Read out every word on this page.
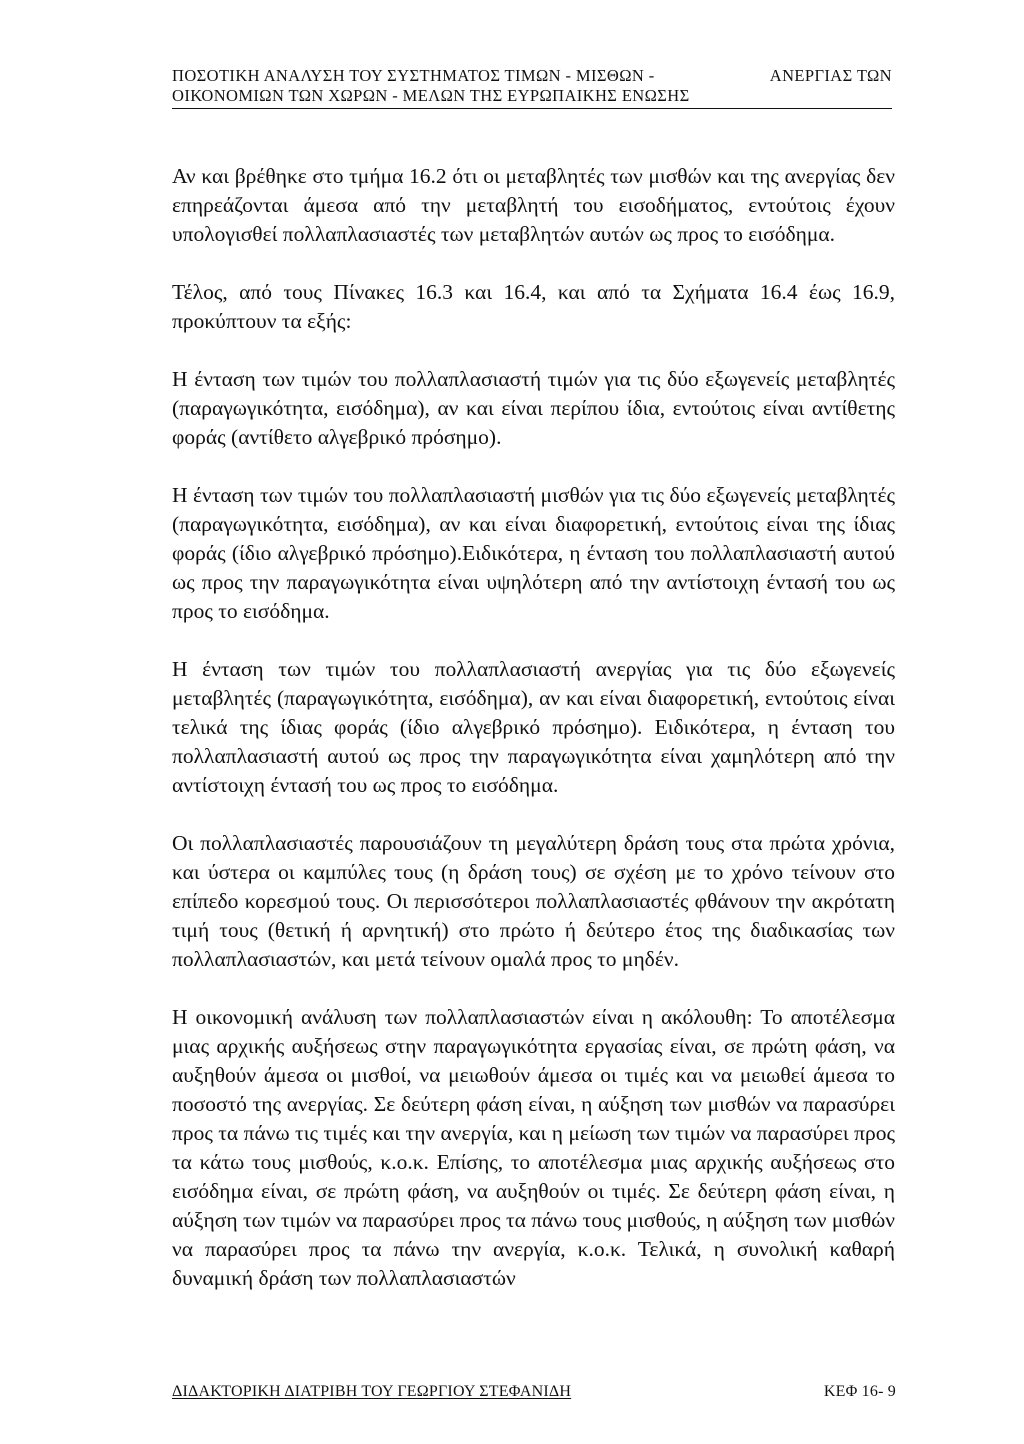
ΠΟΣΟΤΙΚΗ ΑΝΑΛΥΣΗ ΤΟΥ ΣΥΣΤΗΜΑΤΟΣ ΤΙΜΩΝ - ΜΙΣΘΩΝ -	ΑΝΕΡΓΙΑΣ ΤΩΝ
ΟΙΚΟΝΟΜΙΩΝ ΤΩΝ ΧΩΡΩΝ - ΜΕΛΩΝ ΤΗΣ ΕΥΡΩΠΑΙΚΗΣ ΕΝΩΣΗΣ

Αν και βρέθηκε στο τμήμα 16.2 ότι οι μεταβλητές των μισθών και της ανεργίας δεν επηρεάζονται άμεσα από την μεταβλητή του εισοδήματος, εντούτοις έχουν υπολογισθεί πολλαπλασιαστές των μεταβλητών αυτών ως προς το εισόδημα.

Τέλος, από τους Πίνακες 16.3 και 16.4, και από τα Σχήματα 16.4 έως 16.9, προκύπτουν τα εξής:

Η ένταση των τιμών του πολλαπλασιαστή τιμών για τις δύο εξωγενείς μεταβλητές (παραγωγικότητα, εισόδημα), αν και είναι περίπου ίδια, εντούτοις είναι αντίθετης φοράς (αντίθετο αλγεβρικό πρόσημο).

Η ένταση των τιμών του πολλαπλασιαστή μισθών για τις δύο εξωγενείς μεταβλητές (παραγωγικότητα, εισόδημα), αν και είναι διαφορετική, εντούτοις είναι της ίδιας φοράς (ίδιο αλγεβρικό πρόσημο).Ειδικότερα, η ένταση του πολλαπλασιαστή αυτού ως προς την παραγωγικότητα είναι υψηλότερη από την αντίστοιχη έντασή του ως προς το εισόδημα.

Η ένταση των τιμών του πολλαπλασιαστή ανεργίας για τις δύο εξωγενείς μεταβλητές (παραγωγικότητα, εισόδημα), αν και είναι διαφορετική, εντούτοις είναι τελικά της ίδιας φοράς (ίδιο αλγεβρικό πρόσημο). Ειδικότερα, η ένταση του πολλαπλασιαστή αυτού ως προς την παραγωγικότητα είναι χαμηλότερη από την αντίστοιχη έντασή του ως προς το εισόδημα.

Οι πολλαπλασιαστές παρουσιάζουν τη μεγαλύτερη δράση τους στα πρώτα χρόνια, και ύστερα οι καμπύλες τους (η δράση τους) σε σχέση με το χρόνο τείνουν στο επίπεδο κορεσμού τους. Οι περισσότεροι πολλαπλασιαστές φθάνουν την ακρότατη τιμή τους (θετική ή αρνητική) στο πρώτο ή δεύτερο έτος της διαδικασίας των πολλαπλασιαστών, και μετά τείνουν ομαλά προς το μηδέν.

Η οικονομική ανάλυση των πολλαπλασιαστών είναι η ακόλουθη: Το αποτέλεσμα μιας αρχικής αυξήσεως στην παραγωγικότητα εργασίας είναι, σε πρώτη φάση, να αυξηθούν άμεσα οι μισθοί, να μειωθούν άμεσα οι τιμές και να μειωθεί άμεσα το ποσοστό της ανεργίας. Σε δεύτερη φάση είναι, η αύξηση των μισθών να παρασύρει προς τα πάνω τις τιμές και την ανεργία, και η μείωση των τιμών να παρασύρει προς τα κάτω τους μισθούς, κ.ο.κ. Επίσης, το αποτέλεσμα μιας αρχικής αυξήσεως στο εισόδημα είναι, σε πρώτη φάση, να αυξηθούν οι τιμές. Σε δεύτερη φάση είναι, η αύξηση των τιμών να παρασύρει προς τα πάνω τους μισθούς, η αύξηση των μισθών να παρασύρει προς τα πάνω την ανεργία, κ.ο.κ. Τελικά, η συνολική καθαρή δυναμική δράση των πολλαπλασιαστών

ΔΙΔΑΚΤΟΡΙΚΗ ΔΙΑΤΡΙΒΗ ΤΟΥ ΓΕΩΡΓΙΟΥ ΣΤΕΦΑΝΙΔΗ	ΚΕΦ 16- 9
